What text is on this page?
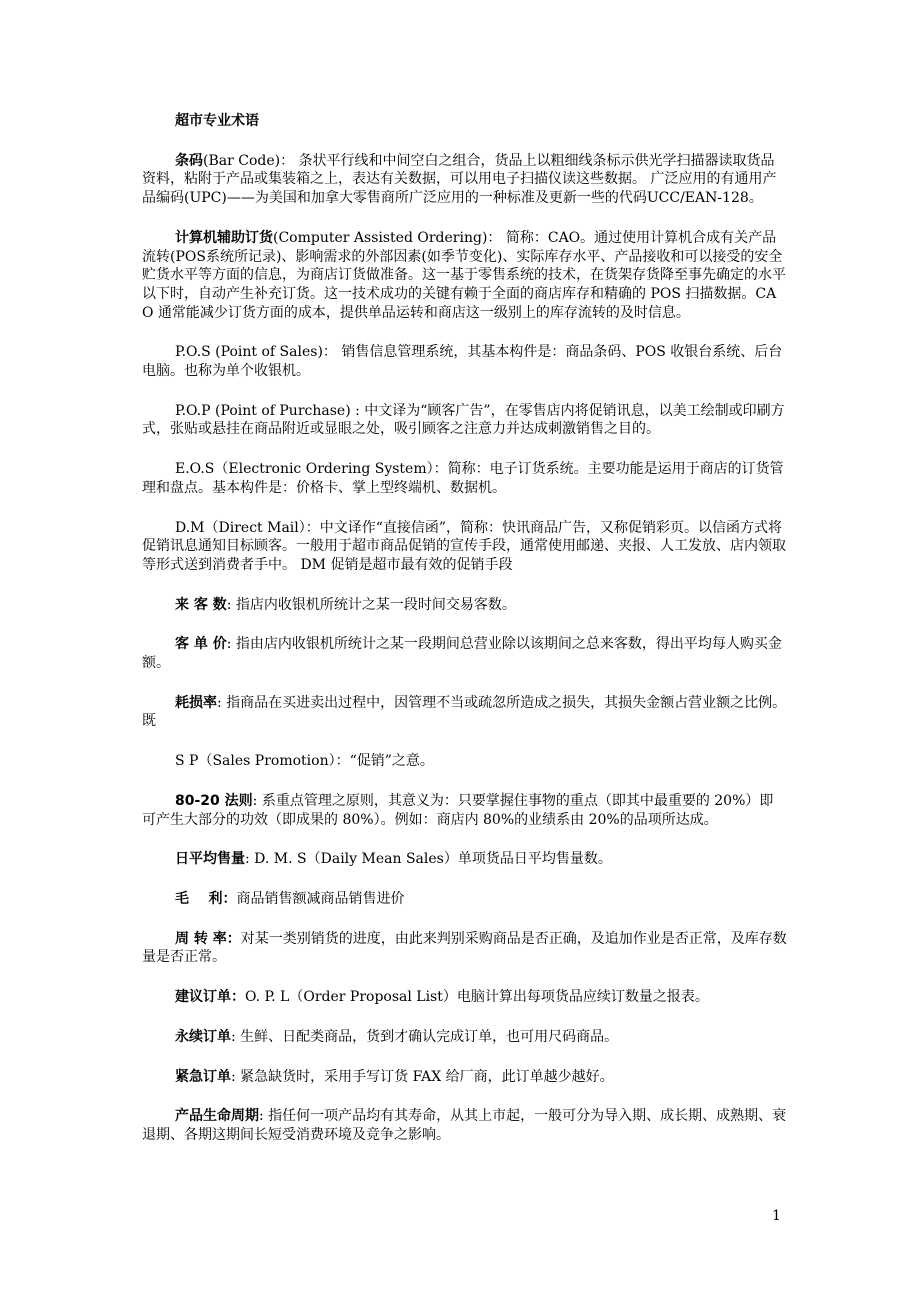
超市专业术语

条码(Bar Code)： 条状平行线和中间空白之组合，货品上以粗细线条标示供光学扫描器读取货品资料，粘附于产品或集装箱之上，表达有关数据，可以用电子扫描仪读这些数据。 广泛应用的有通用产品编码(UPC)——为美国和加拿大零售商所广泛应用的一种标准及更新一些的代码UCC/EAN-128。

计算机辅助订货(Computer Assisted Ordering)： 简称：CAO。通过使用计算机合成有关产品流转(POS系统所记录)、影响需求的外部因素(如季节变化)、实际库存水平、产品接收和可以接受的安全贮货水平等方面的信息，为商店订货做准备。这一基于零售系统的技术，在货架存货降至事先确定的水平以下时，自动产生补充订货。这一技术成功的关键有赖于全面的商店库存和精确的 POS 扫描数据。CAO 通常能减少订货方面的成本，提供单品运转和商店这一级别上的库存流转的及时信息。

P.O.S (Point of Sales)： 销售信息管理系统，其基本构件是：商品条码、POS 收银台系统、后台电脑。也称为单个收银机。

P.O.P (Point of Purchase) : 中文译为“顾客广告”，在零售店内将促销讯息，以美工绘制或印刷方式，张贴或悬挂在商品附近或显眼之处，吸引顾客之注意力并达成刺激销售之目的。

E.O.S（Electronic Ordering System）：简称：电子订货系统。主要功能是运用于商店的订货管理和盘点。基本构件是：价格卡、掌上型终端机、数据机。

D.M（Direct Mail）：中文译作“直接信函”，简称：快讯商品广告，又称促销彩页。以信函方式将促销讯息通知目标顾客。一般用于超市商品促销的宣传手段，通常使用邮递、夹报、人工发放、店内领取等形式送到消费者手中。 DM 促销是超市最有效的促销手段

来 客 数: 指店内收银机所统计之某一段时间交易客数。

客 单 价: 指由店内收银机所统计之某一段期间总营业除以该期间之总来客数，得出平均每人购买金额。

耗损率: 指商品在买进卖出过程中，因管理不当或疏忽所造成之损失，其损失金额占营业额之比例。既

S P（Sales Promotion）：“促销”之意。

80-20 法则: 系重点管理之原则，其意义为：只要掌握住事物的重点（即其中最重要的 20%）即可产生大部分的功效（即成果的 80%）。例如：商店内 80%的业绩系由 20%的品项所达成。

日平均售量: D. M. S（Daily Mean Sales）单项货品日平均售量数。

毛    利：商品销售额减商品销售进价

周 转 率：对某一类别销货的进度，由此来判别采购商品是否正确，及追加作业是否正常，及库存数量是否正常。

建议订单：O. P. L（Order Proposal List）电脑计算出每项货品应续订数量之报表。

永续订单: 生鲜、日配类商品，货到才确认完成订单，也可用尺码商品。

紧急订单: 紧急缺货时，采用手写订货 FAX 给厂商，此订单越少越好。

产品生命周期: 指任何一项产品均有其寿命，从其上市起，一般可分为导入期、成长期、成熟期、衰退期、各期这期间长短受消费环境及竞争之影响。

1
